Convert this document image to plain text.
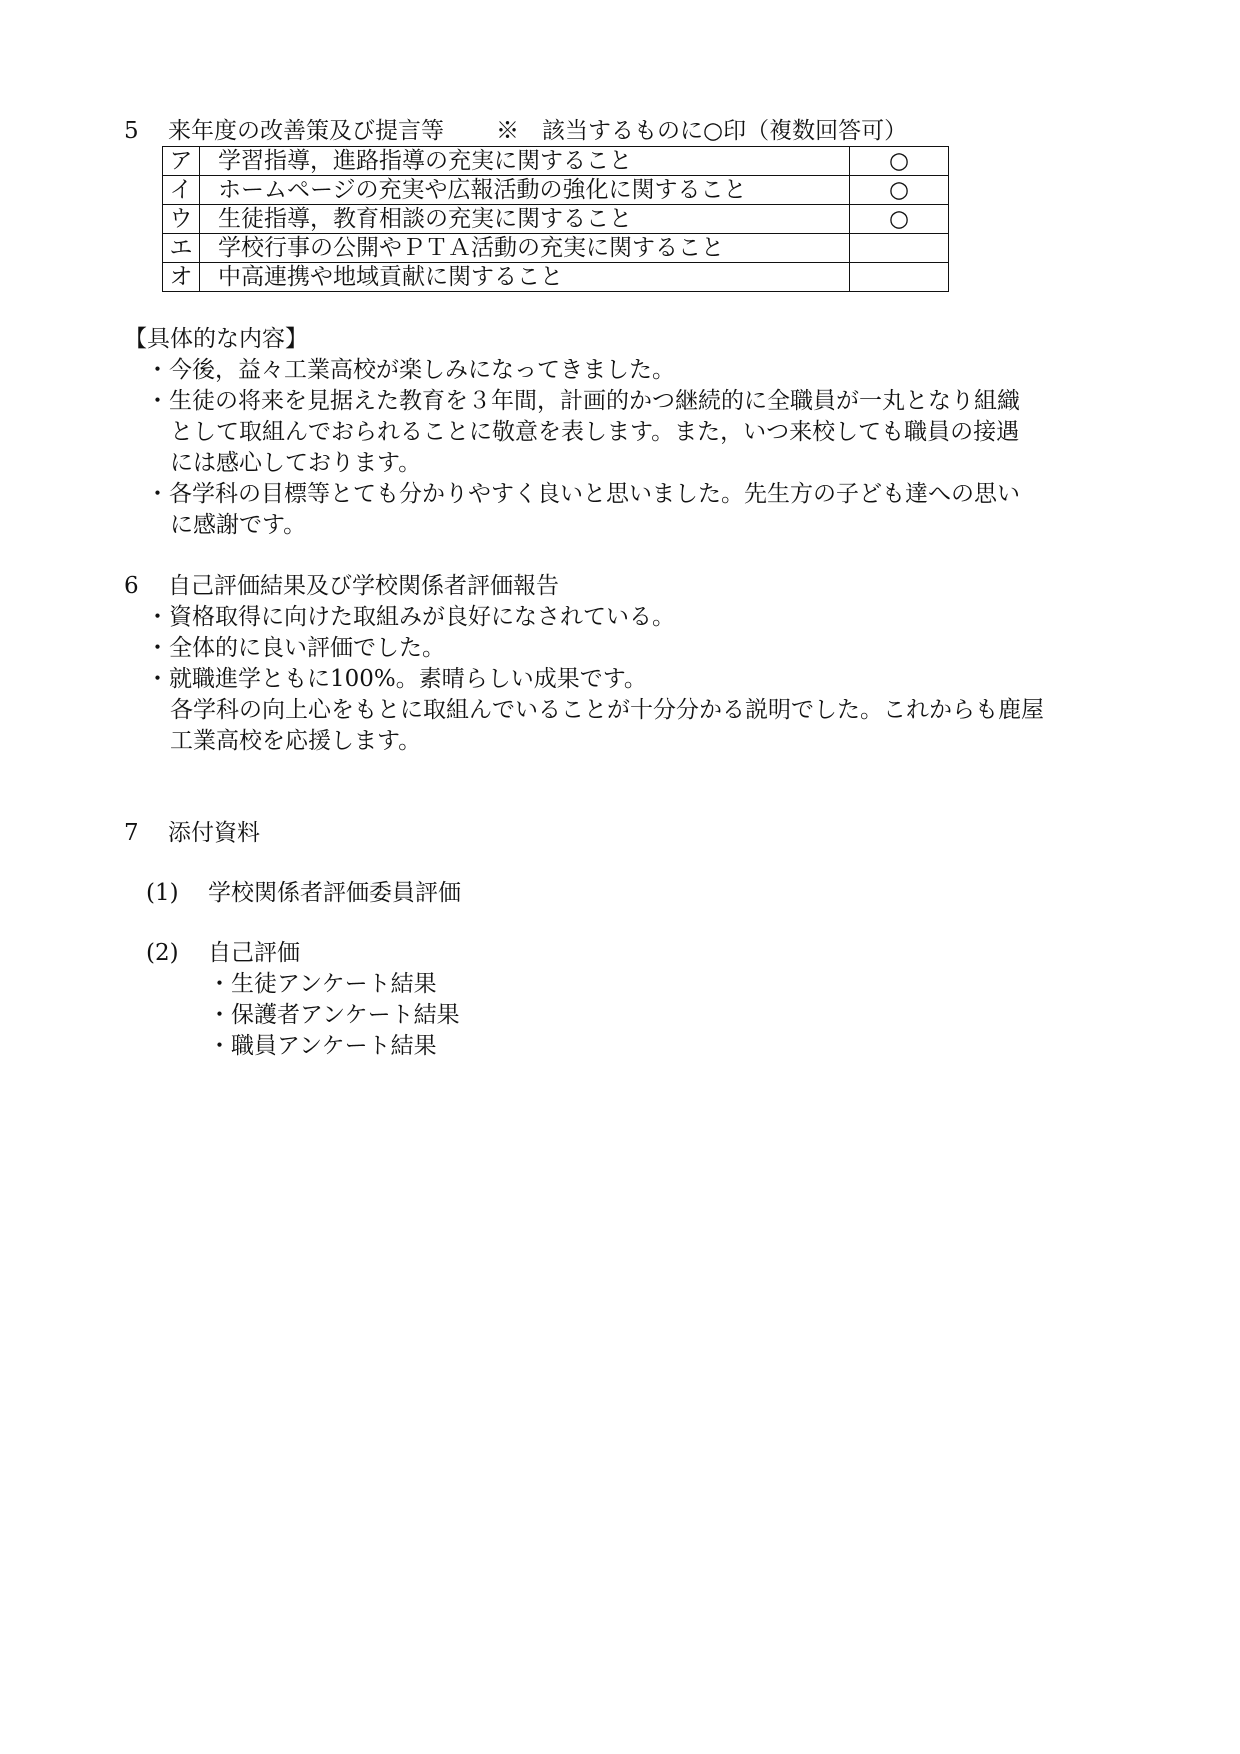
5 来年度の改善策及び提言等 ※　該当するものに○印（複数回答可）
ア	学習指導，進路指導の充実に関すること	○
イ	ホームページの充実や広報活動の強化に関すること	○
ウ	生徒指導，教育相談の充実に関すること	○
エ	学校行事の公開やＰＴＡ活動の充実に関すること	
オ	中高連携や地域貢献に関すること	
【具体的な内容】
・今後，益々工業高校が楽しみになってきました。
・生徒の将来を見据えた教育を３年間，計画的かつ継続的に全職員が一丸となり組織
として取組んでおられることに敬意を表します。また，いつ来校しても職員の接遇
には感心しております。
・各学科の目標等とても分かりやすく良いと思いました。先生方の子ども達への思い
に感謝です。
6 自己評価結果及び学校関係者評価報告
・資格取得に向けた取組みが良好になされている。
・全体的に良い評価でした。
・就職進学ともに100%。素晴らしい成果です。
各学科の向上心をもとに取組んでいることが十分分かる説明でした。これからも鹿屋
工業高校を応援します。
7 添付資料
(1) 学校関係者評価委員評価
(2) 自己評価
・生徒アンケート結果
・保護者アンケート結果
・職員アンケート結果
